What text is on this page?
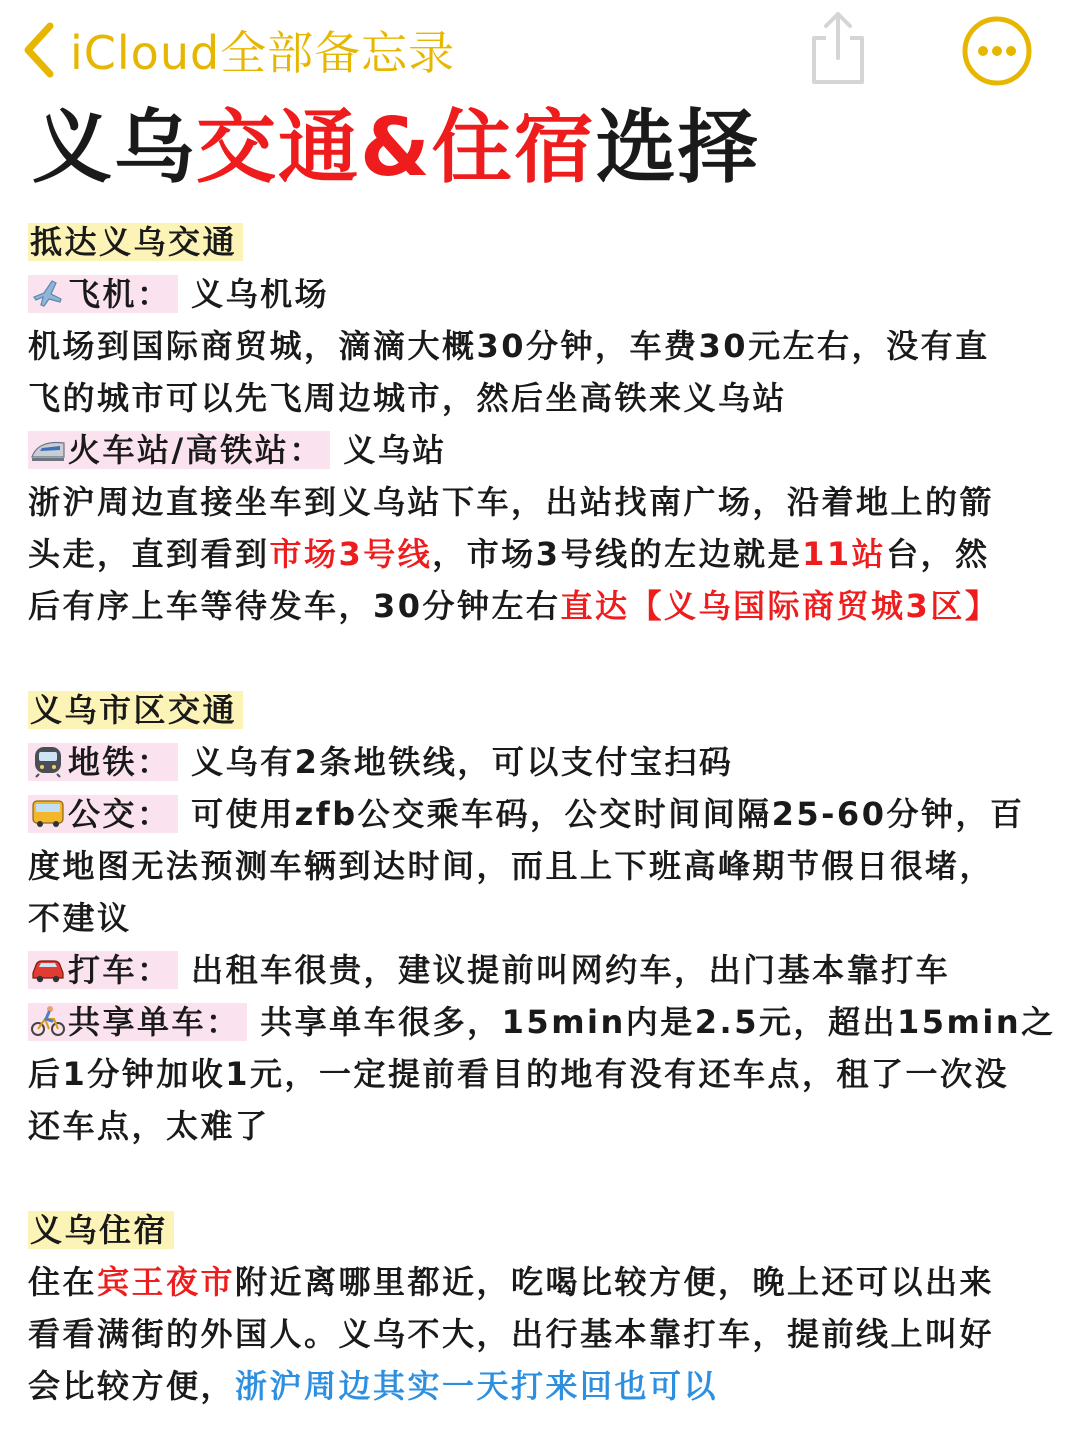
iCloud全部备忘录
义乌交通&住宿选择
抵达义乌交通
飞机： 义乌机场
机场到国际商贸城，滴滴大概30分钟，车费30元左右，没有直
飞的城市可以先飞周边城市，然后坐高铁来义乌站
火车站/高铁站： 义乌站
浙沪周边直接坐车到义乌站下车，出站找南广场，沿着地上的箭
头走，直到看到市场3号线，市场3号线的左边就是11站台，然
后有序上车等待发车，30分钟左右直达【义乌国际商贸城3区】
义乌市区交通
地铁： 义乌有2条地铁线，可以支付宝扫码
公交： 可使用zfb公交乘车码，公交时间间隔25-60分钟，百
度地图无法预测车辆到达时间，而且上下班高峰期节假日很堵，
不建议
打车： 出租车很贵，建议提前叫网约车，出门基本靠打车
共享单车： 共享单车很多，15min内是2.5元，超出15min之
后1分钟加收1元，一定提前看目的地有没有还车点，租了一次没
还车点，太难了
义乌住宿
住在宾王夜市附近离哪里都近，吃喝比较方便，晚上还可以出来
看看满街的外国人。义乌不大，出行基本靠打车，提前线上叫好
会比较方便，浙沪周边其实一天打来回也可以
